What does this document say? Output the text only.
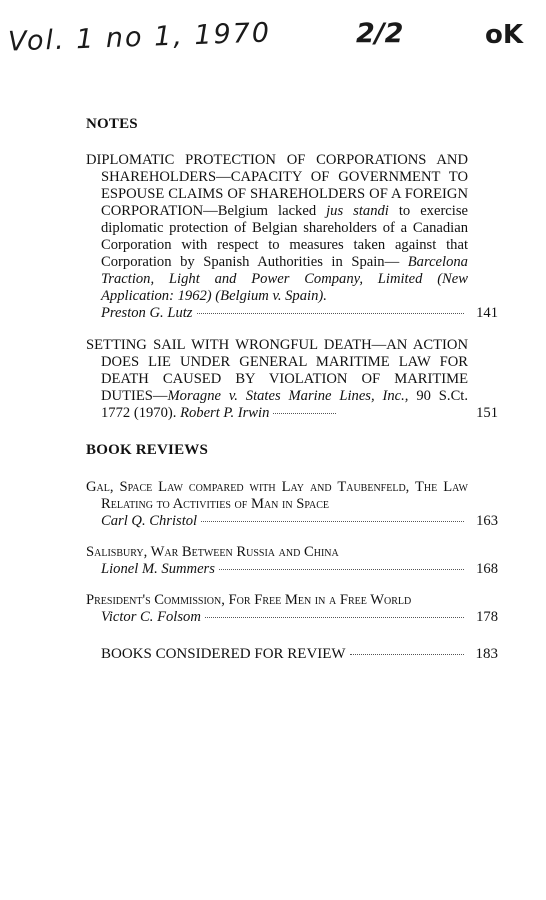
Vol. 1 no 1, 1970	2/2	oK
NOTES
DIPLOMATIC PROTECTION OF CORPORATIONS AND SHAREHOLDERS—CAPACITY OF GOVERNMENT TO ESPOUSE CLAIMS OF SHAREHOLDERS OF A FOREIGN CORPORATION—Belgium lacked jus standi to exercise diplomatic protection of Belgian shareholders of a Canadian Corporation with respect to measures taken against that Corporation by Spanish Authorities in Spain— Barcelona Traction, Light and Power Company, Limited (New Application: 1962) (Belgium v. Spain).
Preston G. Lutz	141
SETTING SAIL WITH WRONGFUL DEATH—AN ACTION DOES LIE UNDER GENERAL MARITIME LAW FOR DEATH CAUSED BY VIOLATION OF MARITIME DUTIES—Moragne v. States Marine Lines, Inc., 90 S.Ct. 1772 (1970). Robert P. Irwin	151
BOOK REVIEWS
Gal, Space Law compared with Lay and Taubenfeld, The Law Relating to Activities of Man in Space
Carl Q. Christol	163
Salisbury, War Between Russia and China
Lionel M. Summers	168
President's Commission, For Free Men in a Free World
Victor C. Folsom	178
BOOKS CONSIDERED FOR REVIEW	183
